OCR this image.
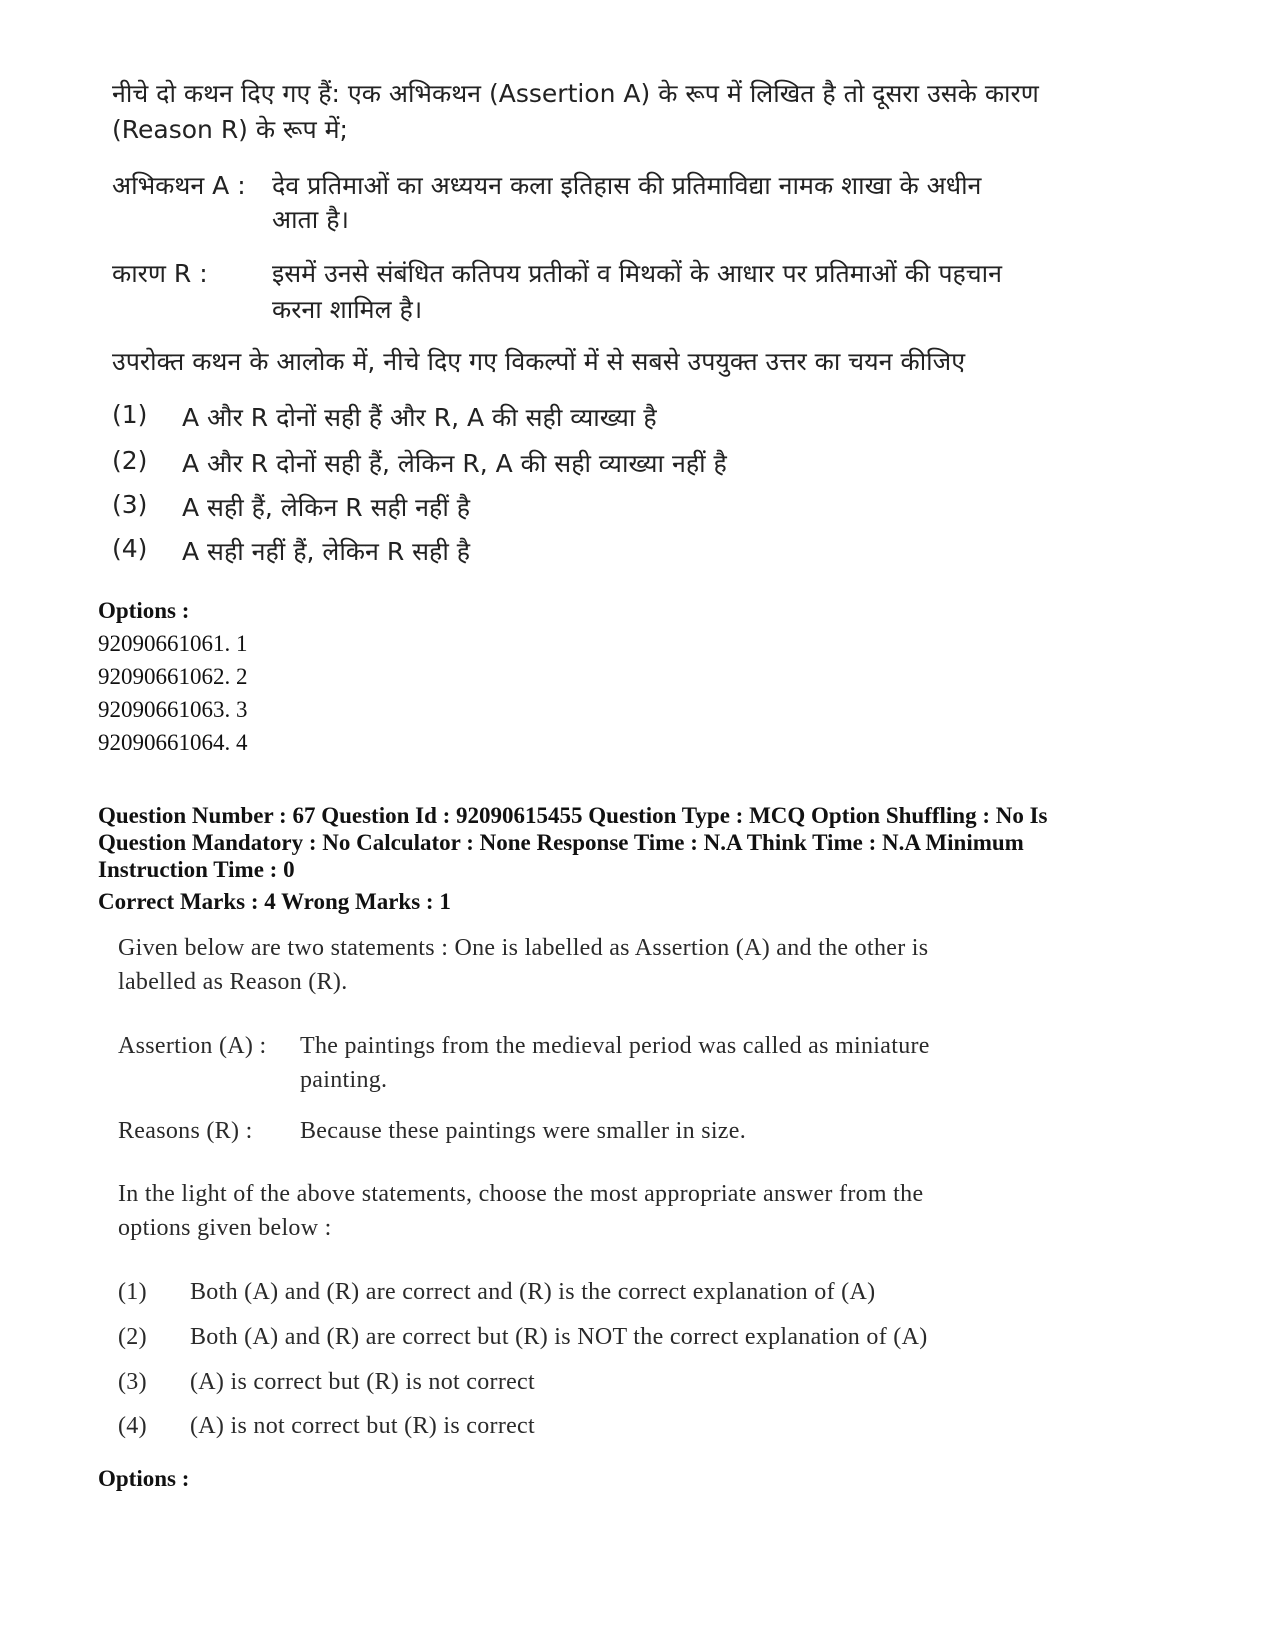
नीचे दो कथन दिए गए हैं: एक अभिकथन (Assertion A) के रूप में लिखित है तो दूसरा उसके कारण
(Reason R) के रूप में;
अभिकथन A : देव प्रतिमाओं का अध्ययन कला इतिहास की प्रतिमाविद्या नामक शाखा के अधीन
आता है।
कारण R :	इसमें उनसे संबंधित कतिपय प्रतीकों व मिथकों के आधार पर प्रतिमाओं की पहचान
करना शामिल है।
उपरोक्त कथन के आलोक में, नीचे दिए गए विकल्पों में से सबसे उपयुक्त उत्तर का चयन कीजिए
(1) A और R दोनों सही हैं और R, A की सही व्याख्या है
(2) A और R दोनों सही हैं, लेकिन R, A की सही व्याख्या नहीं है
(3) A सही हैं, लेकिन R सही नहीं है
(4) A सही नहीं हैं, लेकिन R सही है
Options :
92090661061. 1
92090661062. 2
92090661063. 3
92090661064. 4
Question Number : 67 Question Id : 92090615455 Question Type : MCQ Option Shuffling : No Is
Question Mandatory : No Calculator : None Response Time : N.A Think Time : N.A Minimum
Instruction Time : 0
Correct Marks : 4 Wrong Marks : 1
Given below are two statements : One is labelled as Assertion (A) and the other is
labelled as Reason (R).
Assertion (A) : The paintings from the medieval period was called as miniature
painting.
Reasons (R) : Because these paintings were smaller in size.
In the light of the above statements, choose the most appropriate answer from the
options given below :
(1) Both (A) and (R) are correct and (R) is the correct explanation of (A)
(2) Both (A) and (R) are correct but (R) is NOT the correct explanation of (A)
(3) (A) is correct but (R) is not correct
(4) (A) is not correct but (R) is correct
Options :
